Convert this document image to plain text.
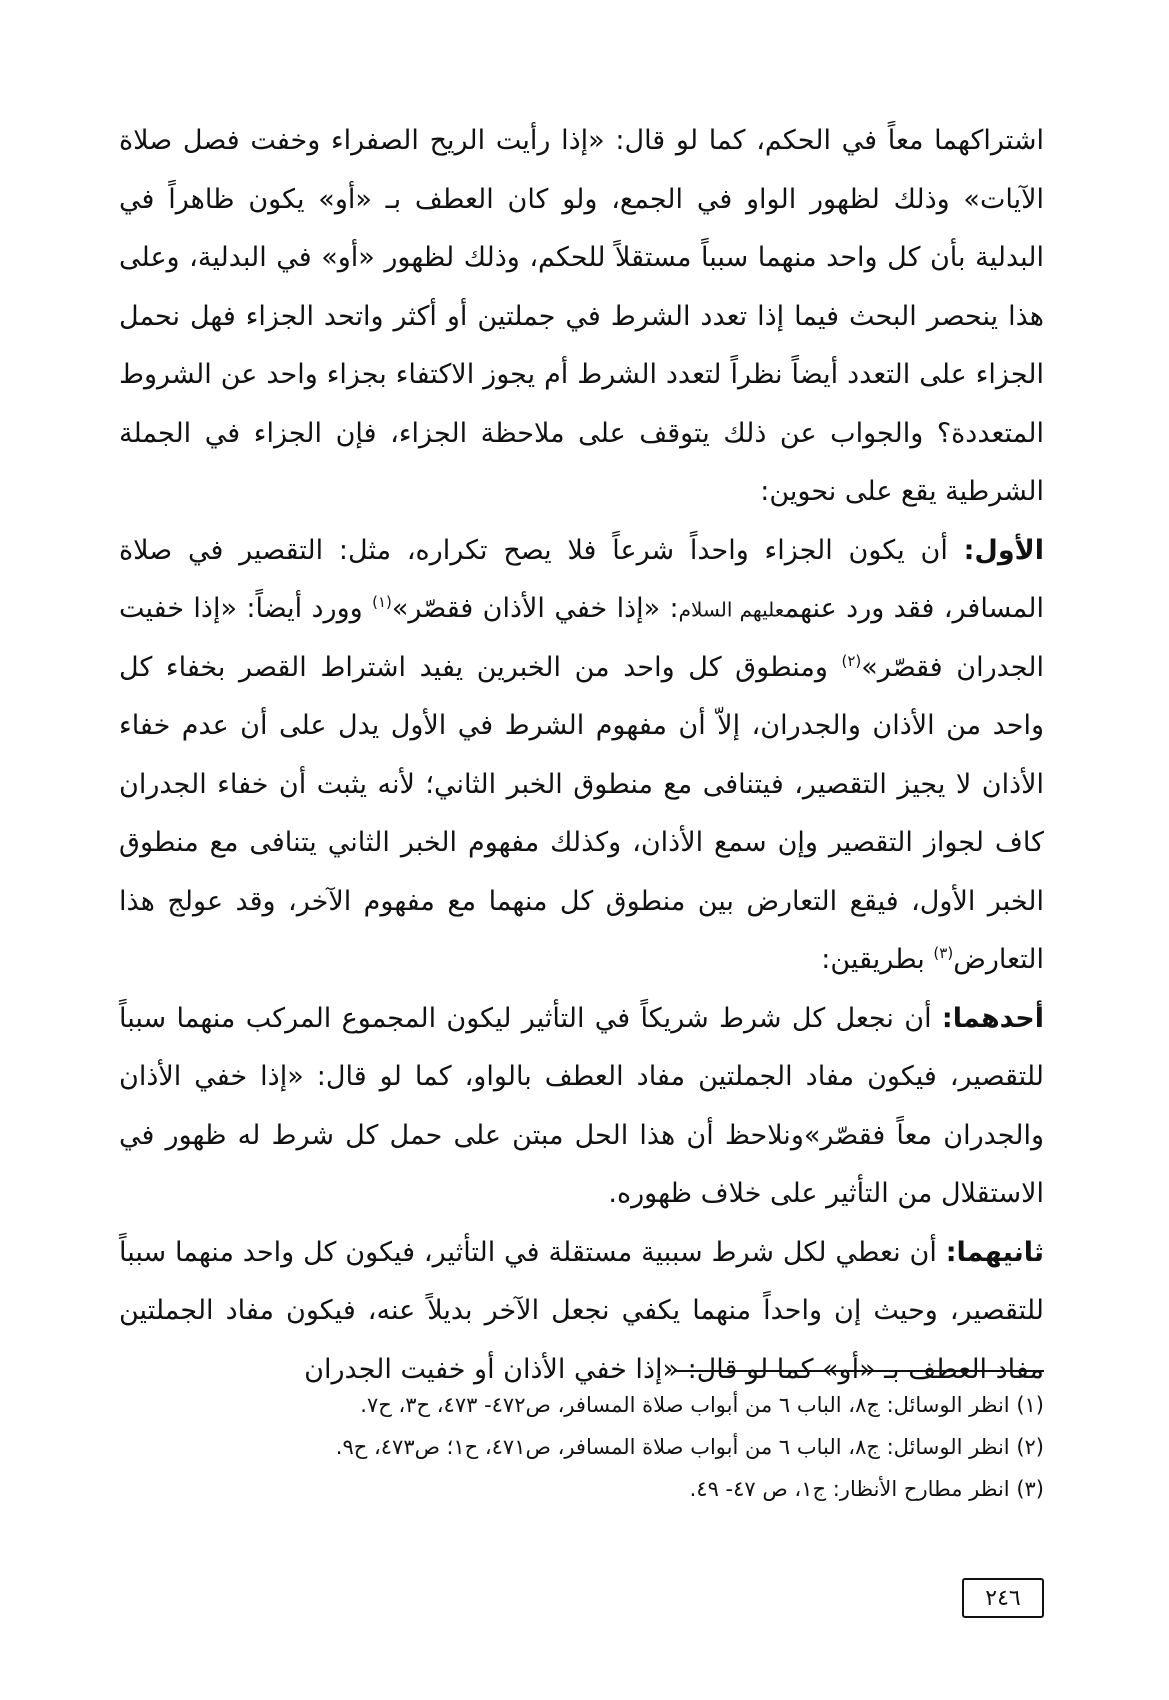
اشتراكهما معاً في الحكم، كما لو قال: «إذا رأيت الريح الصفراء وخفت فصل صلاة الآيات» وذلك لظهور الواو في الجمع، ولو كان العطف بـ «أو» يكون ظاهراً في البدلية بأن كل واحد منهما سبباً مستقلاً للحكم، وذلك لظهور «أو» في البدلية، وعلى هذا ينحصر البحث فيما إذا تعدد الشرط في جملتين أو أكثر واتحد الجزاء فهل نحمل الجزاء على التعدد أيضاً نظراً لتعدد الشرط أم يجوز الاكتفاء بجزاء واحد عن الشروط المتعددة؟ والجواب عن ذلك يتوقف على ملاحظة الجزاء، فإن الجزاء في الجملة الشرطية يقع على نحوين:

الأول: أن يكون الجزاء واحداً شرعاً فلا يصح تكراره، مثل: التقصير في صلاة المسافر، فقد ورد عنهمعليهم السلام: «إذا خفي الأذان فقصّر»$^{(١)}$ وورد أيضاً: «إذا خفيت الجدران فقصّر»$^{(٢)}$ ومنطوق كل واحد من الخبرين يفيد اشتراط القصر بخفاء كل واحد من الأذان والجدران، إلاّ أن مفهوم الشرط في الأول يدل على أن عدم خفاء الأذان لا يجيز التقصير، فيتنافى مع منطوق الخبر الثاني؛ لأنه يثبت أن خفاء الجدران كاف لجواز التقصير وإن سمع الأذان، وكذلك مفهوم الخبر الثاني يتنافى مع منطوق الخبر الأول، فيقع التعارض بين منطوق كل منهما مع مفهوم الآخر، وقد عولج هذا التعارض$^{(٣)}$ بطريقين:

أحدهما: أن نجعل كل شرط شريكاً في التأثير ليكون المجموع المركب منهما سبباً للتقصير، فيكون مفاد الجملتين مفاد العطف بالواو، كما لو قال: «إذا خفي الأذان والجدران معاً فقصّر»ونلاحظ أن هذا الحل مبتن على حمل كل شرط له ظهور في الاستقلال من التأثير على خلاف ظهوره.

ثانيهما: أن نعطي لكل شرط سببية مستقلة في التأثير، فيكون كل واحد منهما سبباً للتقصير، وحيث إن واحداً منهما يكفي نجعل الآخر بديلاً عنه، فيكون مفاد الجملتين مفاد العطف بـ «أو» كما لو قال: «إذا خفي الأذان أو خفيت الجدران

(١) انظر الوسائل: ج٨، الباب ٦ من أبواب صلاة المسافر، ص٤٧٢- ٤٧٣، ح٣، ح٧.

(٢) انظر الوسائل: ج٨، الباب ٦ من أبواب صلاة المسافر، ص٤٧١، ح١؛ ص٤٧٣، ح٩.

(٣) انظر مطارح الأنظار: ج١، ص ٤٧- ٤٩.

٢٤٦
